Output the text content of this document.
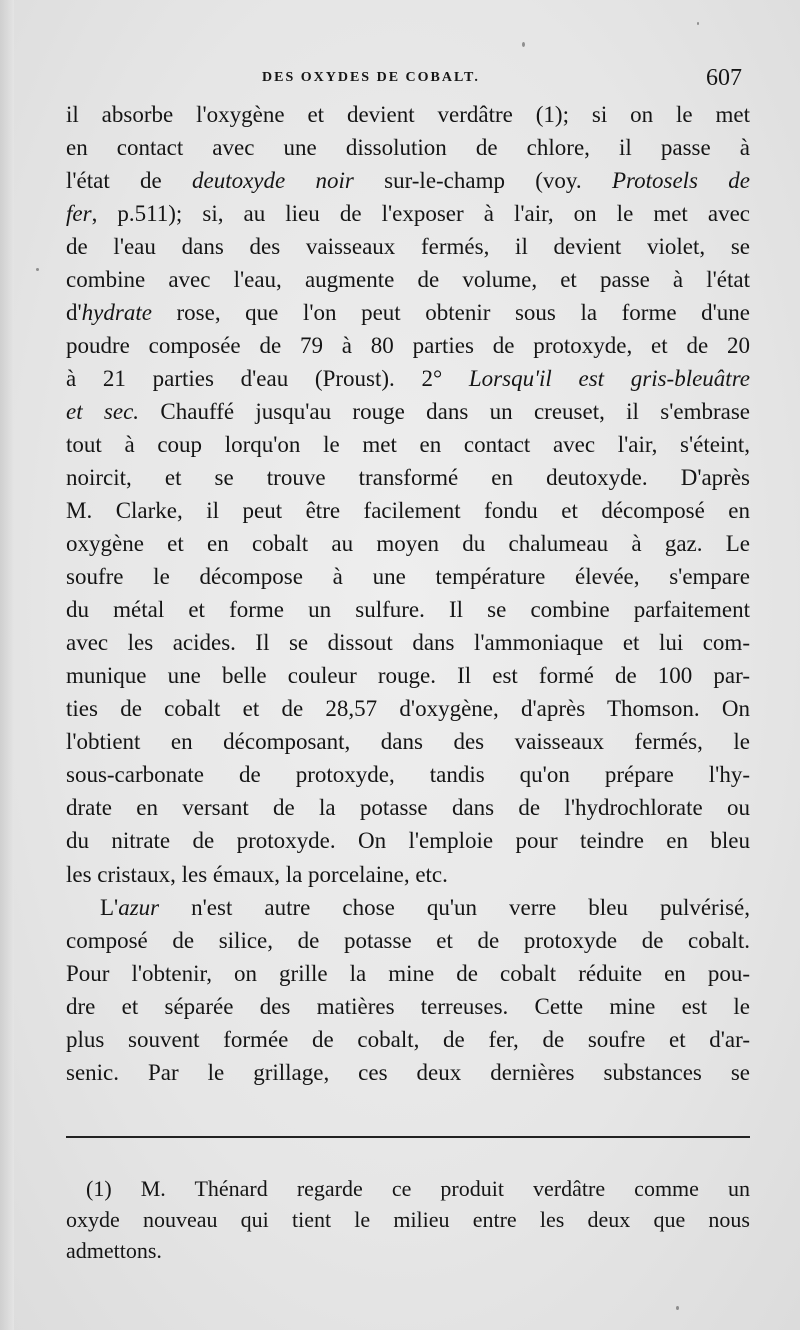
DES OXYDES DE COBALT.	607
il absorbe l'oxygène et devient verdâtre (1); si on le met
en contact avec une dissolution de chlore, il passe à
l'état de deutoxyde noir sur-le-champ (voy. Protosels de
fer, p.511); si, au lieu de l'exposer à l'air, on le met avec
de l'eau dans des vaisseaux fermés, il devient violet, se
combine avec l'eau, augmente de volume, et passe à l'état
d'hydrate rose, que l'on peut obtenir sous la forme d'une
poudre composée de 79 à 80 parties de protoxyde, et de 20
à 21 parties d'eau (Proust). 2° Lorsqu'il est gris-bleuâtre
et sec. Chauffé jusqu'au rouge dans un creuset, il s'embrase
tout à coup lorqu'on le met en contact avec l'air, s'éteint,
noircit, et se trouve transformé en deutoxyde. D'après
M. Clarke, il peut être facilement fondu et décomposé en
oxygène et en cobalt au moyen du chalumeau à gaz. Le
soufre le décompose à une température élevée, s'empare
du métal et forme un sulfure. Il se combine parfaitement
avec les acides. Il se dissout dans l'ammoniaque et lui com-
munique une belle couleur rouge. Il est formé de 100 par-
ties de cobalt et de 28,57 d'oxygène, d'après Thomson. On
l'obtient en décomposant, dans des vaisseaux fermés, le
sous-carbonate de protoxyde, tandis qu'on prépare l'hy-
drate en versant de la potasse dans de l'hydrochlorate ou
du nitrate de protoxyde. On l'emploie pour teindre en bleu
les cristaux, les émaux, la porcelaine, etc.
L'azur n'est autre chose qu'un verre bleu pulvérisé,
composé de silice, de potasse et de protoxyde de cobalt.
Pour l'obtenir, on grille la mine de cobalt réduite en pou-
dre et séparée des matières terreuses. Cette mine est le
plus souvent formée de cobalt, de fer, de soufre et d'ar-
senic. Par le grillage, ces deux dernières substances se
(1) M. Thénard regarde ce produit verdâtre comme un
oxyde nouveau qui tient le milieu entre les deux que nous
admettons.
